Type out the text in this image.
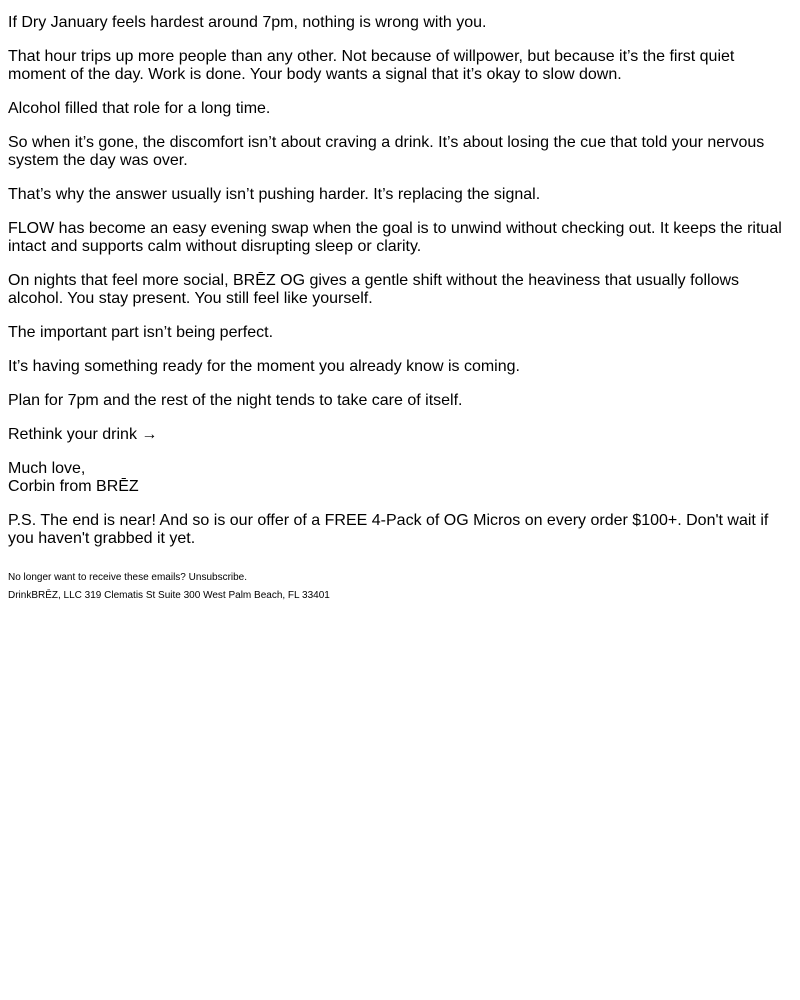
If Dry January feels hardest around 7pm, nothing is wrong with you.

That hour trips up more people than any other. Not because of willpower, but because it’s the first quiet moment of the day. Work is done. Your body wants a signal that it’s okay to slow down.

Alcohol filled that role for a long time.

So when it’s gone, the discomfort isn’t about craving a drink. It’s about losing the cue that told your nervous system the day was over.

That’s why the answer usually isn’t pushing harder. It’s replacing the signal.

FLOW has become an easy evening swap when the goal is to unwind without checking out. It keeps the ritual intact and supports calm without disrupting sleep or clarity.

On nights that feel more social, BRĒZ OG gives a gentle shift without the heaviness that usually follows alcohol. You stay present. You still feel like yourself.

The important part isn’t being perfect.

It’s having something ready for the moment you already know is coming.

Plan for 7pm and the rest of the night tends to take care of itself.

Rethink your drink →

Much love,
Corbin from BRĒZ

P.S. The end is near! And so is our offer of a FREE 4-Pack of OG Micros on every order $100+. Don't wait if you haven't grabbed it yet.

No longer want to receive these emails? Unsubscribe.

DrinkBRĒZ, LLC 319 Clematis St Suite 300 West Palm Beach, FL 33401
